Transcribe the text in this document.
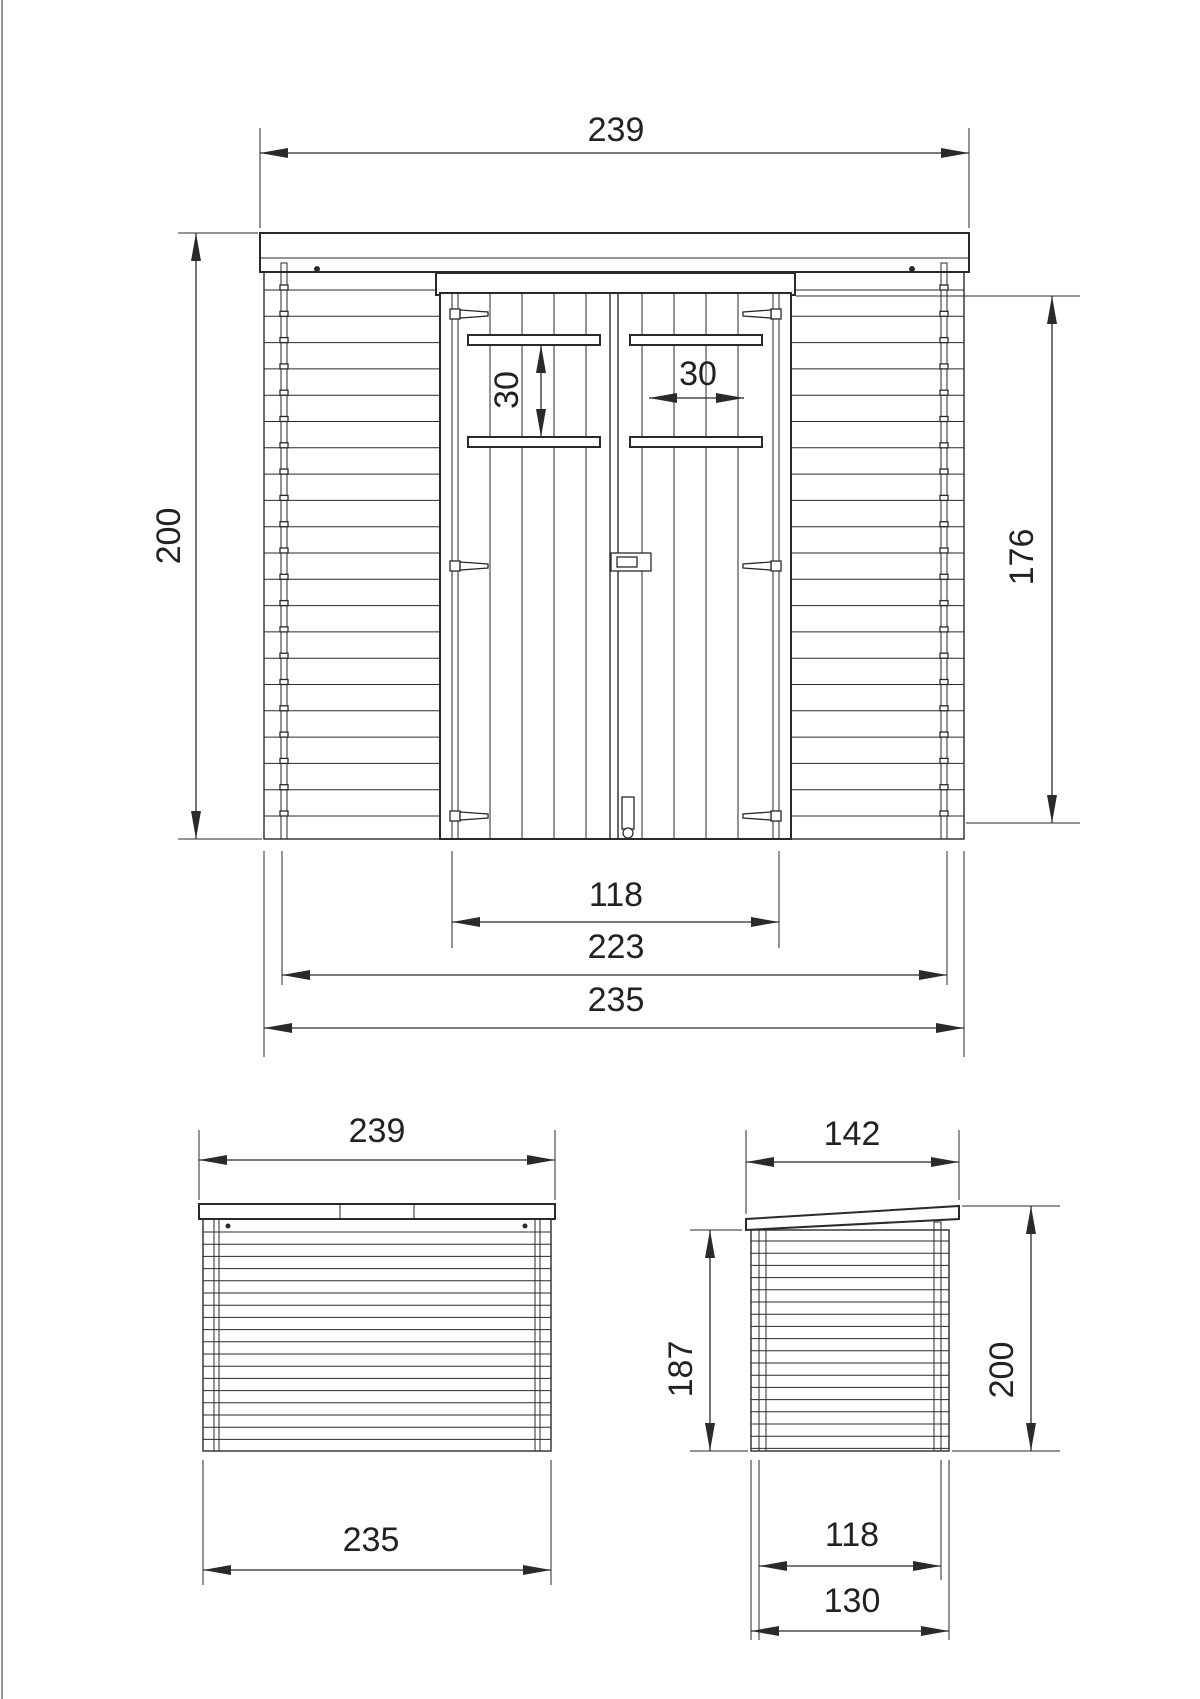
239
200	176
30	30
118
223
235
239
235
142
187	200
118
130
